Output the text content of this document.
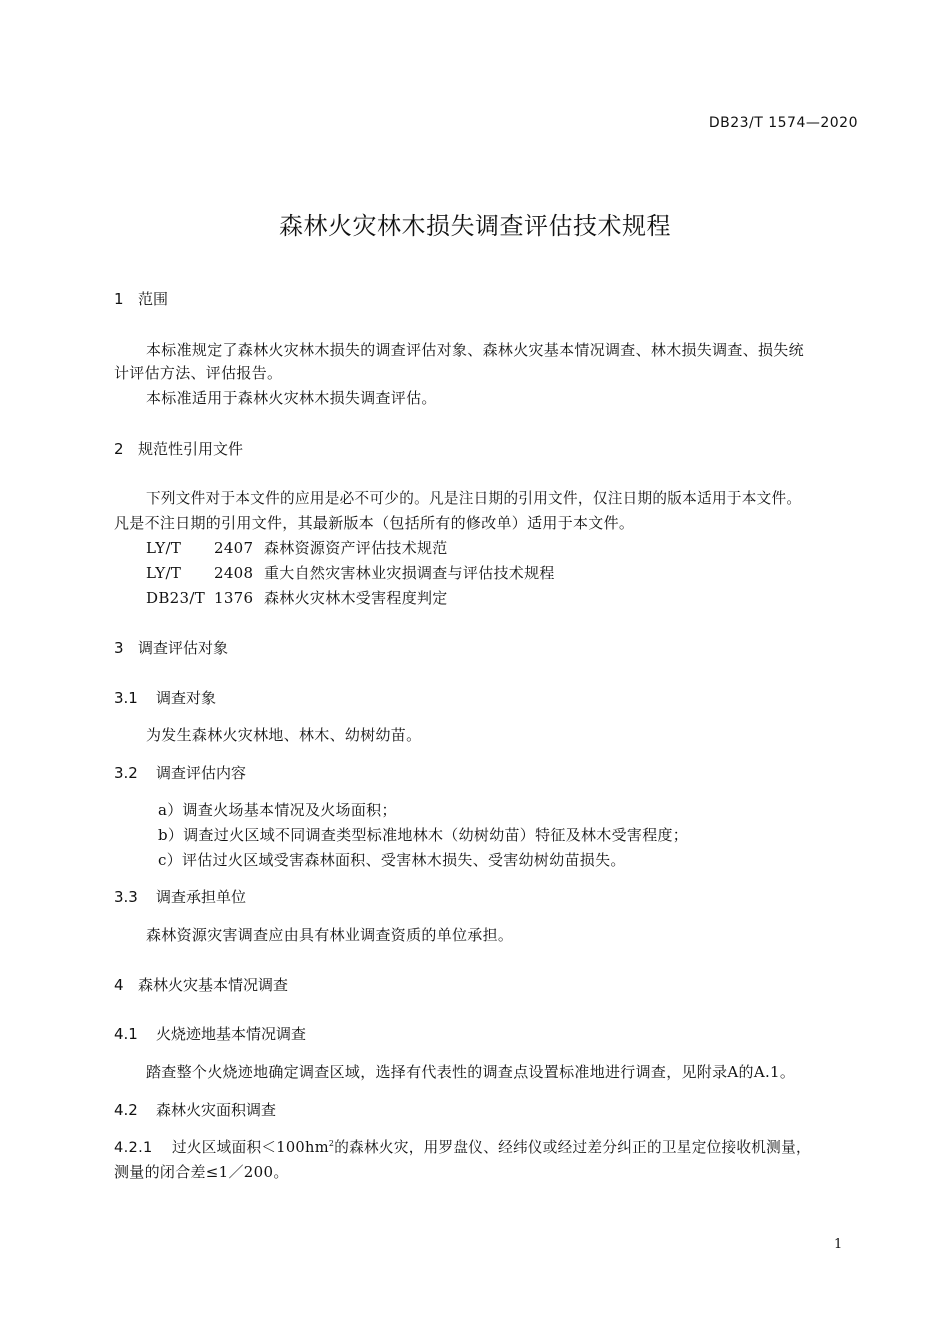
DB23/T 1574—2020
森林火灾林木损失调查评估技术规程
1 范围
本标准规定了森林火灾林木损失的调查评估对象、森林火灾基本情况调查、林木损失调查、损失统
计评估方法、评估报告。
本标准适用于森林火灾林木损失调查评估。
2 规范性引用文件
下列文件对于本文件的应用是必不可少的。凡是注日期的引用文件，仅注日期的版本适用于本文件。
凡是不注日期的引用文件，其最新版本（包括所有的修改单）适用于本文件。
LY/T 2407 森林资源资产评估技术规范
LY/T 2408 重大自然灾害林业灾损调查与评估技术规程
DB23/T 1376 森林火灾林木受害程度判定
3 调查评估对象
3.1 调查对象
为发生森林火灾林地、林木、幼树幼苗。
3.2 调查评估内容
a）调查火场基本情况及火场面积；
b）调查过火区域不同调查类型标准地林木（幼树幼苗）特征及林木受害程度；
c）评估过火区域受害森林面积、受害林木损失、受害幼树幼苗损失。
3.3 调查承担单位
森林资源灾害调查应由具有林业调查资质的单位承担。
4 森林火灾基本情况调查
4.1 火烧迹地基本情况调查
踏查整个火烧迹地确定调查区域，选择有代表性的调查点设置标准地进行调查，见附录A的A.1。
4.2 森林火灾面积调查
4.2.1 过火区域面积$<100hm^2$的森林火灾，用罗盘仪、经纬仪或经过差分纠正的卫星定位接收机测量，
测量的闭合差≤1／200。
1
